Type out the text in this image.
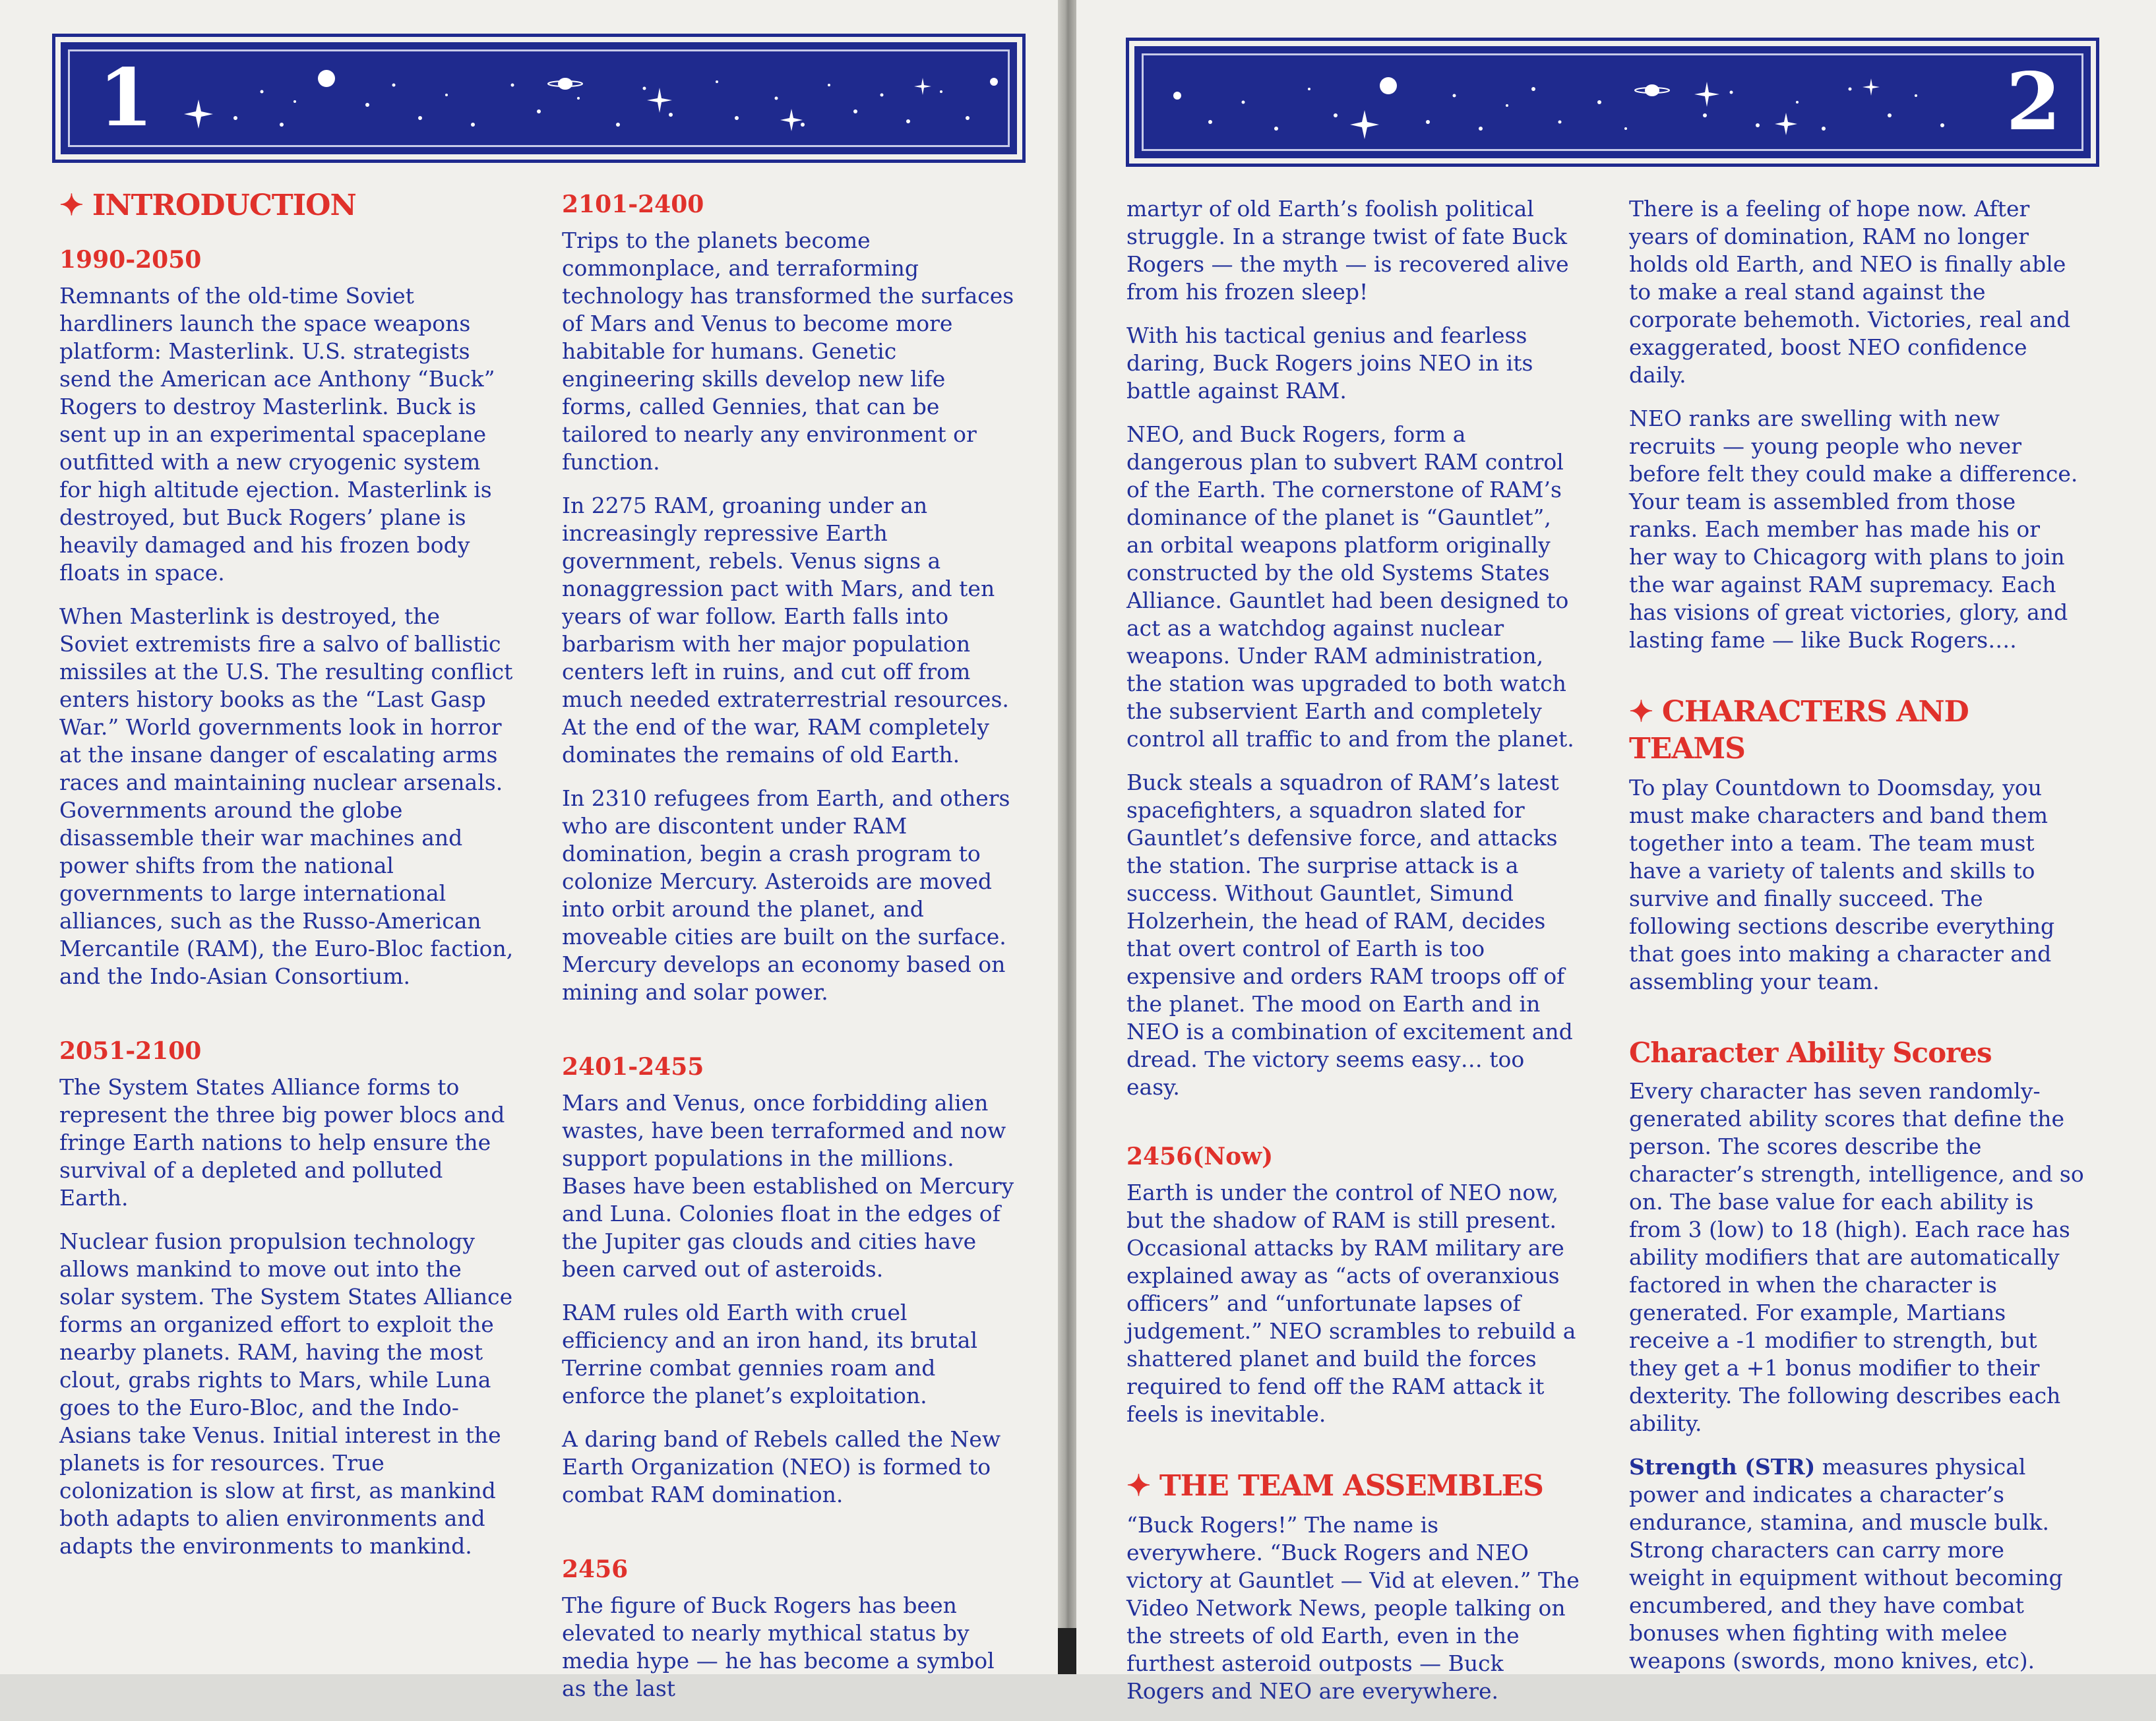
1
✦ INTRODUCTION
1990-2050

Remnants of the old-time Soviet hardliners launch the space weapons platform: Masterlink. U.S. strategists send the American ace Anthony “Buck” Rogers to destroy Masterlink. Buck is sent up in an experimental spaceplane outfitted with a new cryogenic system for high altitude ejection. Masterlink is destroyed, but Buck Rogers’ plane is heavily damaged and his frozen body floats in space.

When Masterlink is destroyed, the Soviet extremists fire a salvo of ballistic missiles at the U.S. The resulting conflict enters history books as the “Last Gasp War.” World governments look in horror at the insane danger of escalating arms races and maintaining nuclear arsenals. Governments around the globe disassemble their war machines and power shifts from the national governments to large international alliances, such as the Russo-American Mercantile (RAM), the Euro-Bloc faction, and the Indo-Asian Consortium.

2051-2100

The System States Alliance forms to represent the three big power blocs and fringe Earth nations to help ensure the survival of a depleted and polluted Earth.

Nuclear fusion propulsion technology allows mankind to move out into the solar system. The System States Alliance forms an organized effort to exploit the nearby planets. RAM, having the most clout, grabs rights to Mars, while Luna goes to the Euro-Bloc, and the Indo-Asians take Venus. Initial interest in the planets is for resources. True colonization is slow at first, as mankind both adapts to alien environments and adapts the environments to mankind.

2101-2400

Trips to the planets become commonplace, and terraforming technology has transformed the surfaces of Mars and Venus to become more habitable for humans. Genetic engineering skills develop new life forms, called Gennies, that can be tailored to nearly any environment or function.

In 2275 RAM, groaning under an increasingly repressive Earth government, rebels. Venus signs a nonaggression pact with Mars, and ten years of war follow. Earth falls into barbarism with her major population centers left in ruins, and cut off from much needed extraterrestrial resources. At the end of the war, RAM completely dominates the remains of old Earth.

In 2310 refugees from Earth, and others who are discontent under RAM domination, begin a crash program to colonize Mercury. Asteroids are moved into orbit around the planet, and moveable cities are built on the surface. Mercury develops an economy based on mining and solar power.

2401-2455

Mars and Venus, once forbidding alien wastes, have been terraformed and now support populations in the millions. Bases have been established on Mercury and Luna. Colonies float in the edges of the Jupiter gas clouds and cities have been carved out of asteroids.

RAM rules old Earth with cruel efficiency and an iron hand, its brutal Terrine combat gennies roam and enforce the planet’s exploitation.

A daring band of Rebels called the New Earth Organization (NEO) is formed to combat RAM domination.

2456

The figure of Buck Rogers has been elevated to nearly mythical status by media hype — he has become a symbol as the last

2

martyr of old Earth’s foolish political struggle. In a strange twist of fate Buck Rogers — the myth — is recovered alive from his frozen sleep!

With his tactical genius and fearless daring, Buck Rogers joins NEO in its battle against RAM.

NEO, and Buck Rogers, form a dangerous plan to subvert RAM control of the Earth. The cornerstone of RAM’s dominance of the planet is “Gauntlet”, an orbital weapons platform originally constructed by the old Systems States Alliance. Gauntlet had been designed to act as a watchdog against nuclear weapons. Under RAM administration, the station was upgraded to both watch the subservient Earth and completely control all traffic to and from the planet.

Buck steals a squadron of RAM’s latest spacefighters, a squadron slated for Gauntlet’s defensive force, and attacks the station. The surprise attack is a success. Without Gauntlet, Simund Holzerhein, the head of RAM, decides that overt control of Earth is too expensive and orders RAM troops off of the planet. The mood on Earth and in NEO is a combination of excitement and dread. The victory seems easy… too easy.

2456(Now)

Earth is under the control of NEO now, but the shadow of RAM is still present. Occasional attacks by RAM military are explained away as “acts of overanxious officers” and “unfortunate lapses of judgement.” NEO scrambles to rebuild a shattered planet and build the forces required to fend off the RAM attack it feels is inevitable.

✦ THE TEAM ASSEMBLES

“Buck Rogers!” The name is everywhere. “Buck Rogers and NEO victory at Gauntlet — Vid at eleven.” The Video Network News, people talking on the streets of old Earth, even in the furthest asteroid outposts — Buck Rogers and NEO are everywhere.

There is a feeling of hope now. After years of domination, RAM no longer holds old Earth, and NEO is finally able to make a real stand against the corporate behemoth. Victories, real and exaggerated, boost NEO confidence daily.

NEO ranks are swelling with new recruits — young people who never before felt they could make a difference. Your team is assembled from those ranks. Each member has made his or her way to Chicagorg with plans to join the war against RAM supremacy. Each has visions of great victories, glory, and lasting fame — like Buck Rogers….

✦ CHARACTERS AND TEAMS

To play Countdown to Doomsday, you must make characters and band them together into a team. The team must have a variety of talents and skills to survive and finally succeed. The following sections describe everything that goes into making a character and assembling your team.

Character Ability Scores

Every character has seven randomly-generated ability scores that define the person. The scores describe the character’s strength, intelligence, and so on. The base value for each ability is from 3 (low) to 18 (high). Each race has ability modifiers that are automatically factored in when the character is generated. For example, Martians receive a -1 modifier to strength, but they get a +1 bonus modifier to their dexterity. The following describes each ability.

Strength (STR) measures physical power and indicates a character’s endurance, stamina, and muscle bulk. Strong characters can carry more weight in equipment without becoming encumbered, and they have combat bonuses when fighting with melee weapons (swords, mono knives, etc).
